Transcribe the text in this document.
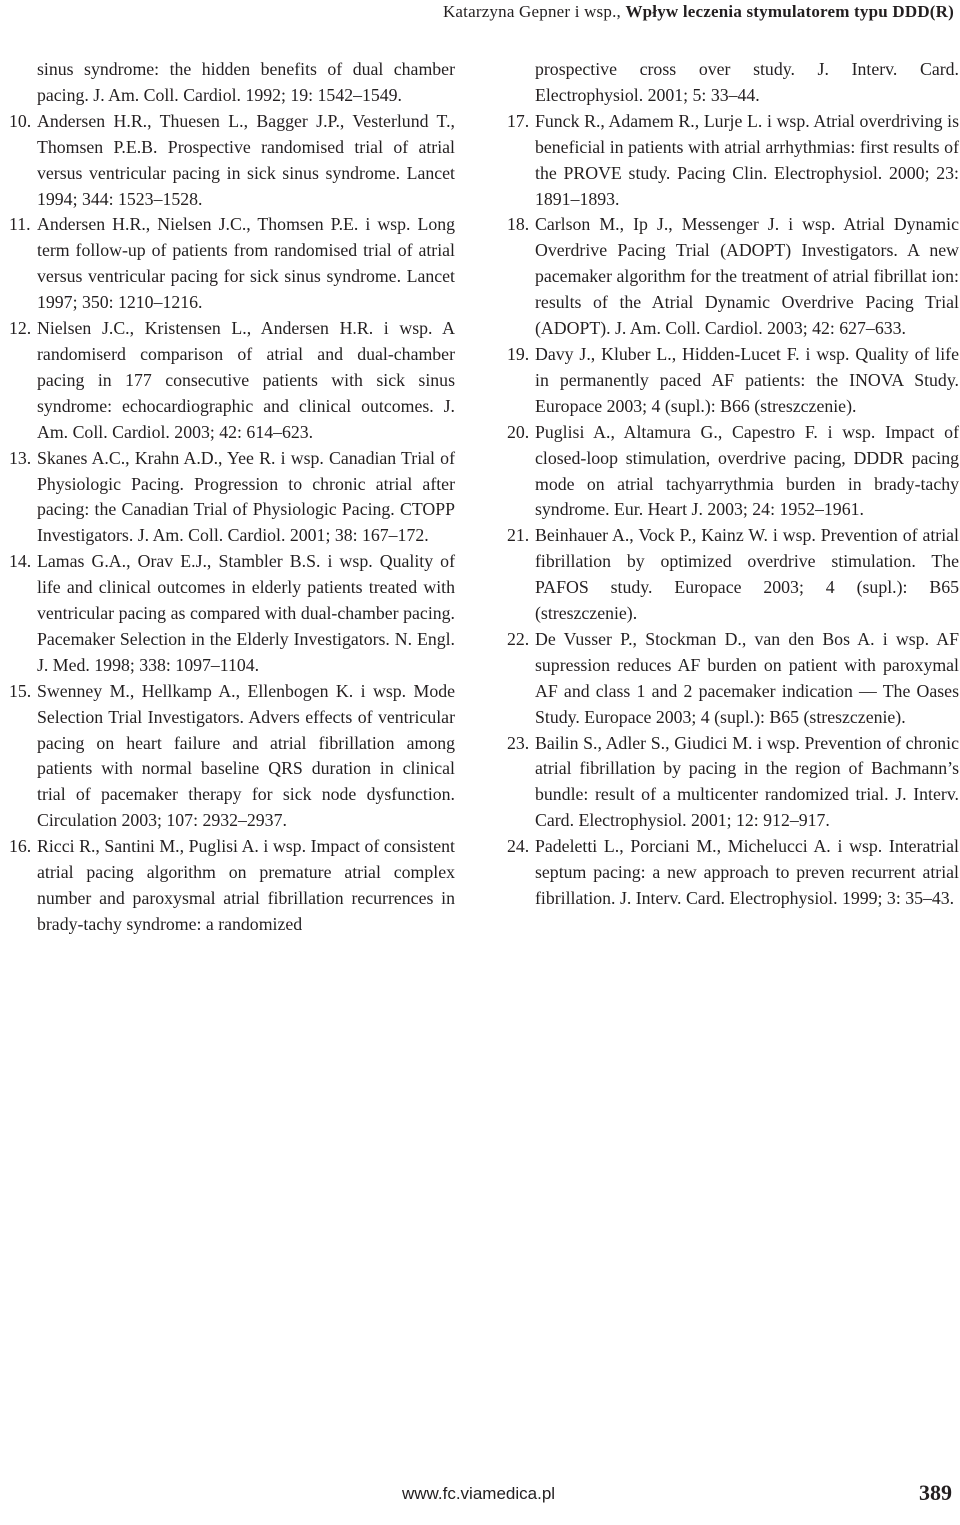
Katarzyna Gepner i wsp., Wpływ leczenia stymulatorem typu DDD(R)
sinus syndrome: the hidden benefits of dual chamber pacing. J. Am. Coll. Cardiol. 1992; 19: 1542–1549.
10. Andersen H.R., Thuesen L., Bagger J.P., Vesterlund T., Thomsen P.E.B. Prospective randomised trial of atrial versus ventricular pacing in sick sinus syndrome. Lancet 1994; 344: 1523–1528.
11. Andersen H.R., Nielsen J.C., Thomsen P.E. i wsp. Long term follow-up of patients from randomised trial of atrial versus ventricular pacing for sick sinus syndrome. Lancet 1997; 350: 1210–1216.
12. Nielsen J.C., Kristensen L., Andersen H.R. i wsp. A randomiserd comparison of atrial and dual-chamber pacing in 177 consecutive patients with sick sinus syndrome: echocardiographic and clinical outcomes. J. Am. Coll. Cardiol. 2003; 42: 614–623.
13. Skanes A.C., Krahn A.D., Yee R. i wsp. Canadian Trial of Physiologic Pacing. Progression to chronic atrial after pacing: the Canadian Trial of Physiologic Pacing. CTOPP Investigators. J. Am. Coll. Cardiol. 2001; 38: 167–172.
14. Lamas G.A., Orav E.J., Stambler B.S. i wsp. Quality of life and clinical outcomes in elderly patients treated with ventricular pacing as compared with dual-chamber pacing. Pacemaker Selection in the Elderly Investigators. N. Engl. J. Med. 1998; 338: 1097–1104.
15. Swenney M., Hellkamp A., Ellenbogen K. i wsp. Mode Selection Trial Investigators. Advers effects of ventricular pacing on heart failure and atrial fibrillation among patients with normal baseline QRS duration in clinical trial of pacemaker therapy for sick node dysfunction. Circulation 2003; 107: 2932–2937.
16. Ricci R., Santini M., Puglisi A. i wsp. Impact of consistent atrial pacing algorithm on premature atrial complex number and paroxysmal atrial fibrillation recurrences in brady-tachy syndrome: a randomized
prospective cross over study. J. Interv. Card. Electrophysiol. 2001; 5: 33–44.
17. Funck R., Adamem R., Lurje L. i wsp. Atrial overdriving is beneficial in patients with atrial arrhythmias: first results of the PROVE study. Pacing Clin. Electrophysiol. 2000; 23: 1891–1893.
18. Carlson M., Ip J., Messenger J. i wsp. Atrial Dynamic Overdrive Pacing Trial (ADOPT) Investigators. A new pacemaker algorithm for the treatment of atrial fibrillat ion: results of the Atrial Dynamic Overdrive Pacing Trial (ADOPT). J. Am. Coll. Cardiol. 2003; 42: 627–633.
19. Davy J., Kluber L., Hidden-Lucet F. i wsp. Quality of life in permanently paced AF patients: the INOVA Study. Europace 2003; 4 (supl.): B66 (streszczenie).
20. Puglisi A., Altamura G., Capestro F. i wsp. Impact of closed-loop stimulation, overdrive pacing, DDDR pacing mode on atrial tachyarrythmia burden in brady-tachy syndrome. Eur. Heart J. 2003; 24: 1952–1961.
21. Beinhauer A., Vock P., Kainz W. i wsp. Prevention of atrial fibrillation by optimized overdrive stimulation. The PAFOS study. Europace 2003; 4 (supl.): B65 (streszczenie).
22. De Vusser P., Stockman D., van den Bos A. i wsp. AF supression reduces AF burden on patient with paroxymal AF and class 1 and 2 pacemaker indication — The Oases Study. Europace 2003; 4 (supl.): B65 (streszczenie).
23. Bailin S., Adler S., Giudici M. i wsp. Prevention of chronic atrial fibrillation by pacing in the region of Bachmann’s bundle: result of a multicenter randomized trial. J. Interv. Card. Electrophysiol. 2001; 12: 912–917.
24. Padeletti L., Porciani M., Michelucci A. i wsp. Interatrial septum pacing: a new approach to preven recurrent atrial fibrillation. J. Interv. Card. Electrophysiol. 1999; 3: 35–43.
www.fc.viamedica.pl	389
